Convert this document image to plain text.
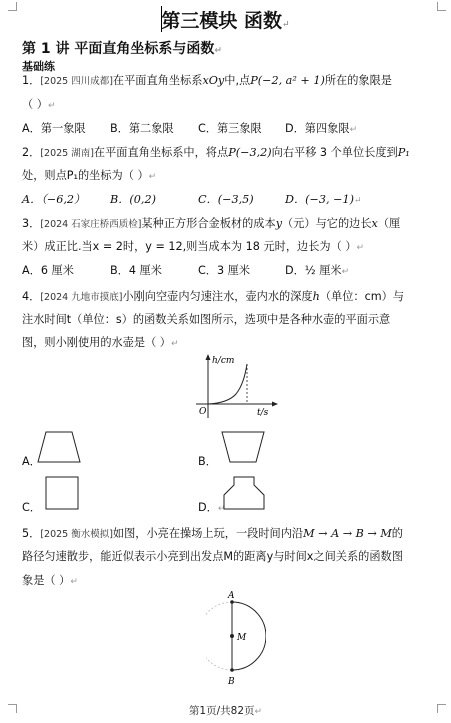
第三模块 函数↵
第 1 讲 平面直角坐标系与函数↵
基础练
1．[2025 四川成都]在平面直角坐标系xOy中,点P(−2, a² + 1)所在的象限是
（ ）↵
A．第一象限 B．第二象限 C．第三象限 D．第四象限↵
2．[2025 湖南]在平面直角坐标系中，将点P(−3,2)向右平移 3 个单位长度到P₁
处，则点P₁的坐标为（ ）↵
A．（−6,2） B．(0,2)	C．(−3,5)	D．(−3, −1)↵
3．[2024 石家庄桥西质检]某种正方形合金板材的成本y（元）与它的边长x（厘
米）成正比.当x = 2时，y = 12,则当成本为 18 元时，边长为（ ）↵
A．6 厘米	B．4 厘米	C．3 厘米	D．½ 厘米↵
4．[2024 九地市摸底]小刚向空壶内匀速注水，壶内水的深度h（单位：cm）与
注水时间t（单位：s）的函数关系如图所示，选项中是各种水壶的平面示意
图，则小刚使用的水壶是（ ）↵
h/cm
O	t/s
A．	B．
C．	D．↵
5．[2025 衡水模拟]如图，小亮在操场上玩，一段时间内沿M → A → B → M的
路径匀速散步，能近似表示小亮到出发点M的距离y与时间x之间关系的函数图
象是（ ）↵
A
M
B
第1页/共82页↵
